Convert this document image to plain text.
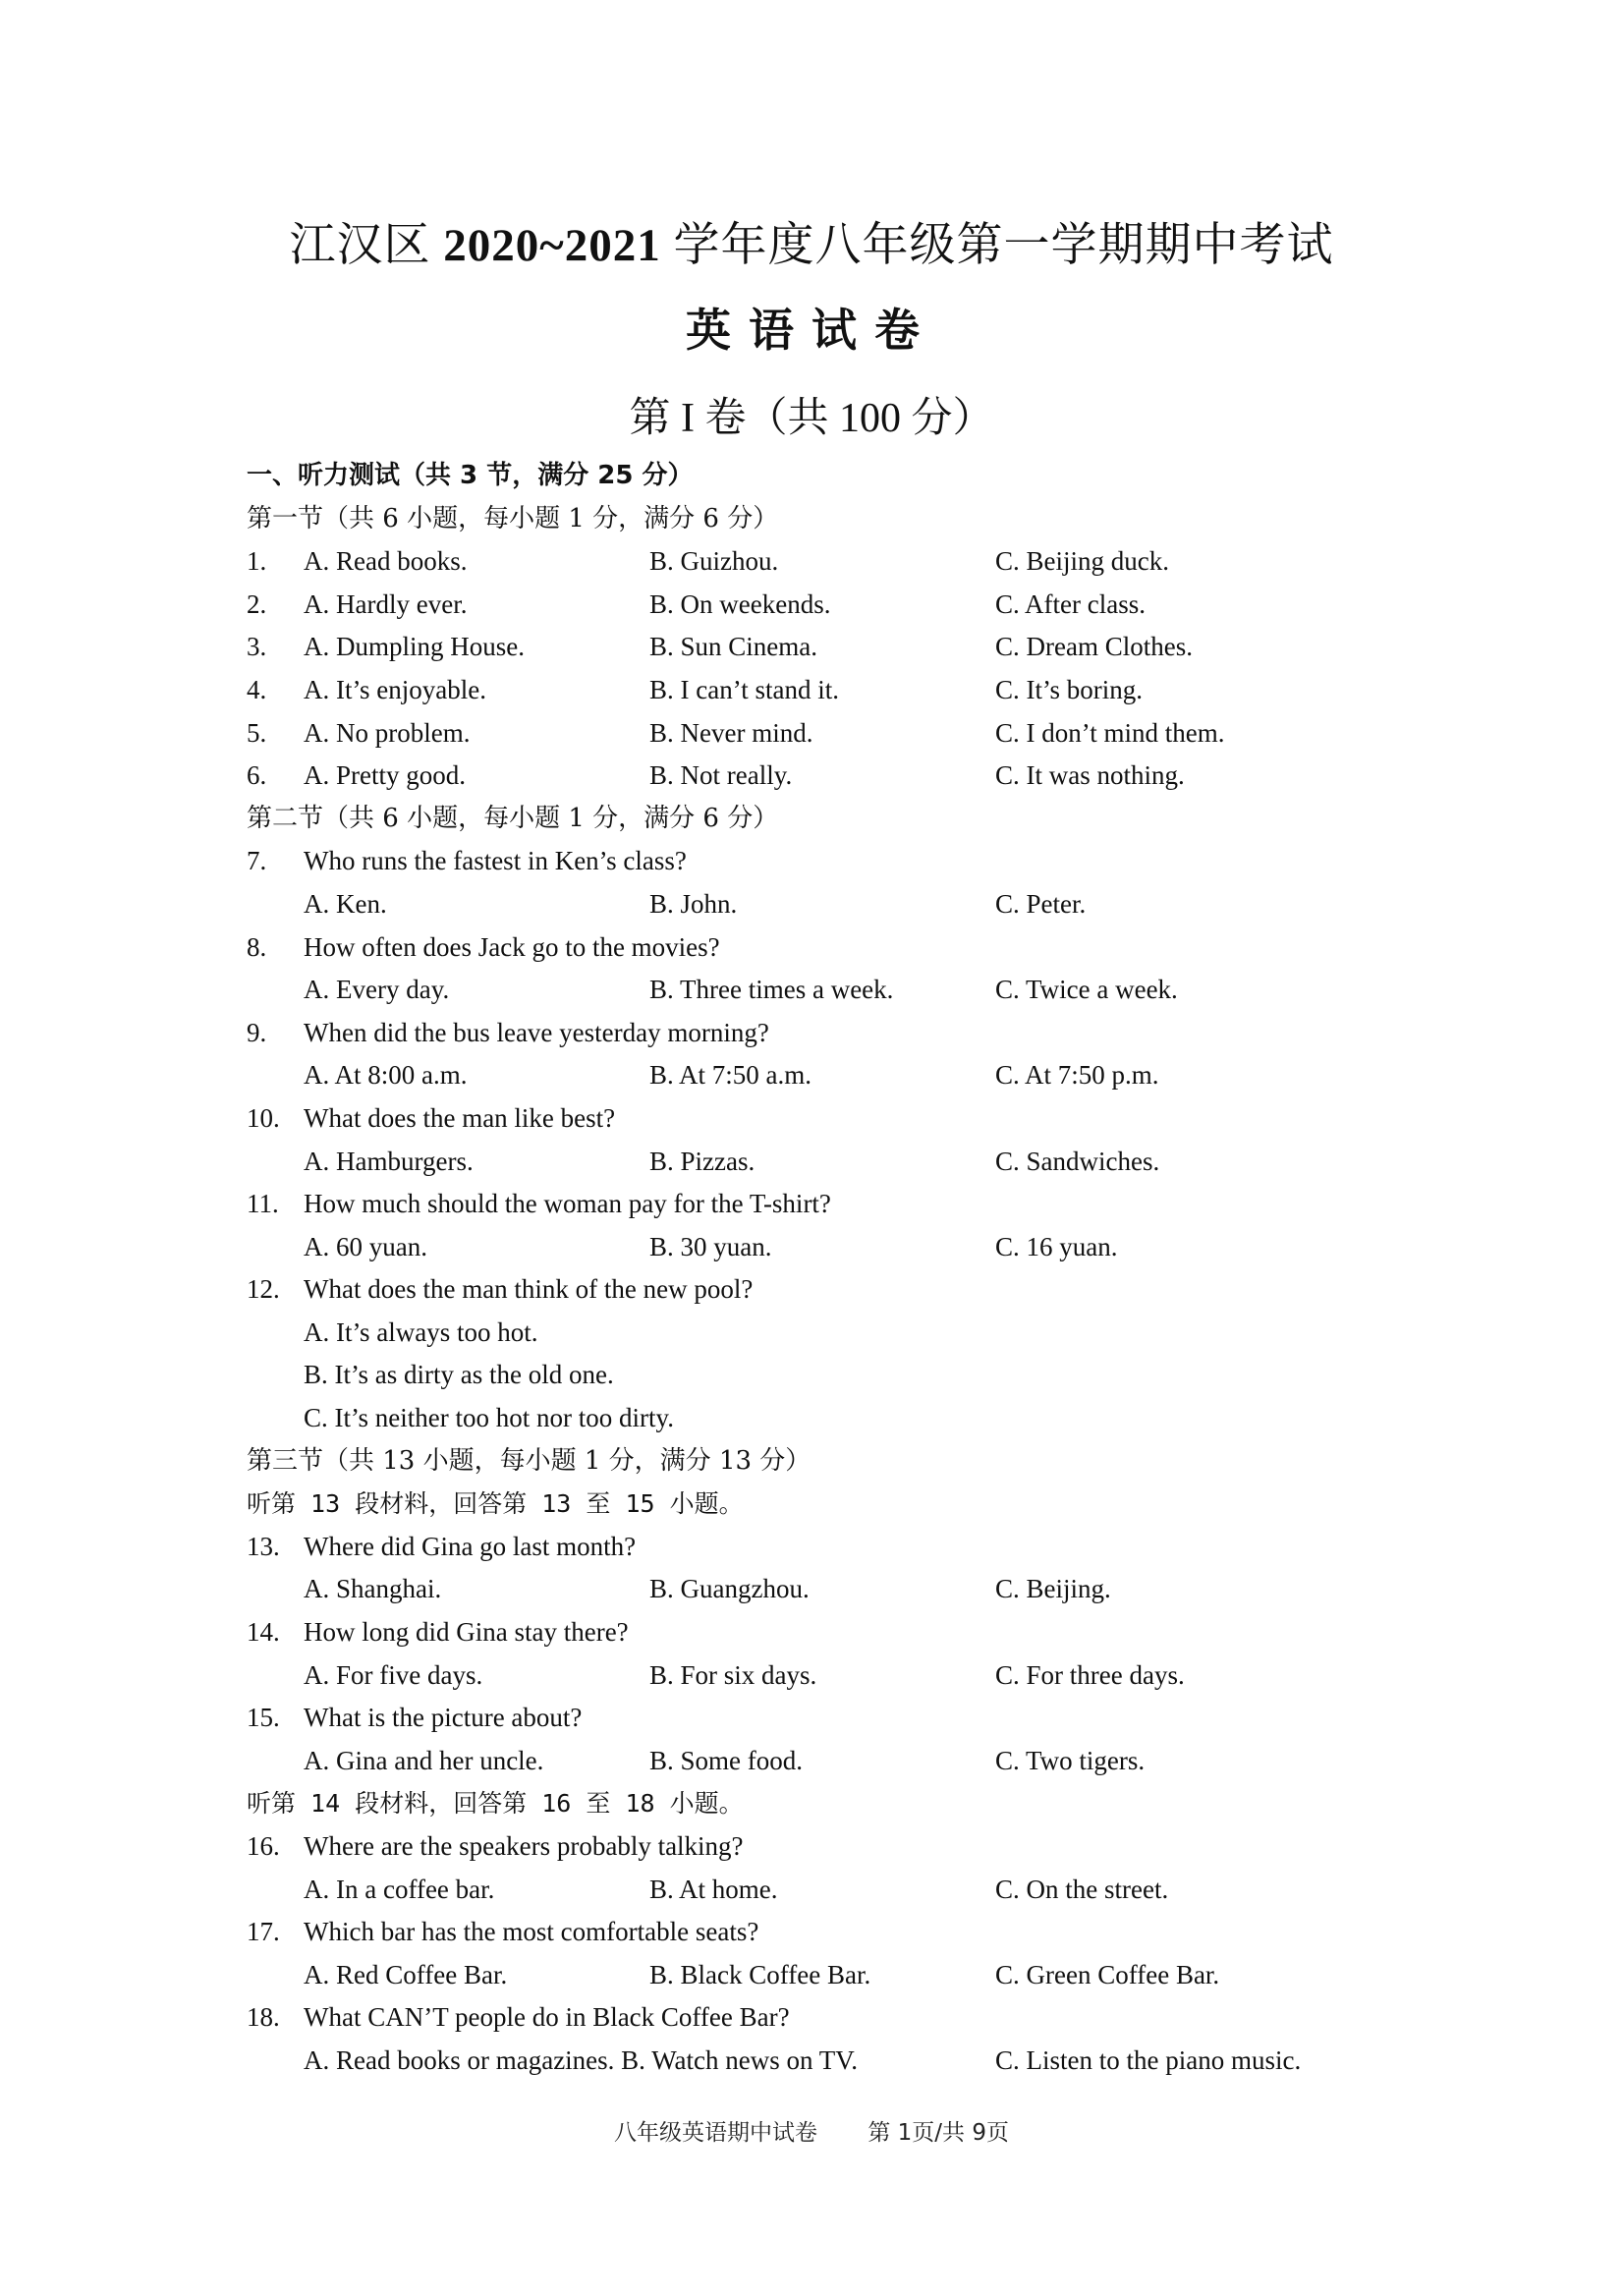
江汉区 2020~2021 学年度八年级第一学期期中考试
英语试卷
第 I 卷（共 100 分）
一、听力测试（共 3 节，满分 25 分）
第一节（共 6 小题，每小题 1 分，满分 6 分）
1. A. Read books.	B. Guizhou.	C. Beijing duck.
2. A. Hardly ever.	B. On weekends.	C. After class.
3. A. Dumpling House.	B. Sun Cinema.	C. Dream Clothes.
4. A. It’s enjoyable.	B. I can’t stand it.	C. It’s boring.
5. A. No problem.	B. Never mind.	C. I don’t mind them.
6. A. Pretty good.	B. Not really.	C. It was nothing.
第二节（共 6 小题，每小题 1 分，满分 6 分）
7. Who runs the fastest in Ken’s class?
A. Ken.	B. John.	C. Peter.
8. How often does Jack go to the movies?
A. Every day.	B. Three times a week.	C. Twice a week.
9. When did the bus leave yesterday morning?
A. At 8:00 a.m.	B. At 7:50 a.m.	C. At 7:50 p.m.
10. What does the man like best?
A. Hamburgers.	B. Pizzas.	C. Sandwiches.
11. How much should the woman pay for the T-shirt?
A. 60 yuan.	B. 30 yuan.	C. 16 yuan.
12. What does the man think of the new pool?
A. It’s always too hot.
B. It’s as dirty as the old one.
C. It’s neither too hot nor too dirty.
第三节（共 13 小题，每小题 1 分，满分 13 分）
听第 13 段材料，回答第 13 至 15 小题。
13. Where did Gina go last month?
A. Shanghai.	B. Guangzhou.	C. Beijing.
14. How long did Gina stay there?
A. For five days.	B. For six days.	C. For three days.
15. What is the picture about?
A. Gina and her uncle.	B. Some food.	C. Two tigers.
听第 14 段材料，回答第 16 至 18 小题。
16. Where are the speakers probably talking?
A. In a coffee bar.	B. At home.	C. On the street.
17. Which bar has the most comfortable seats?
A. Red Coffee Bar.	B. Black Coffee Bar.	C. Green Coffee Bar.
18. What CAN’T people do in Black Coffee Bar?
A. Read books or magazines. B. Watch news on TV.	C. Listen to the piano music.
八年级英语期中试卷 第 1页/共 9页
